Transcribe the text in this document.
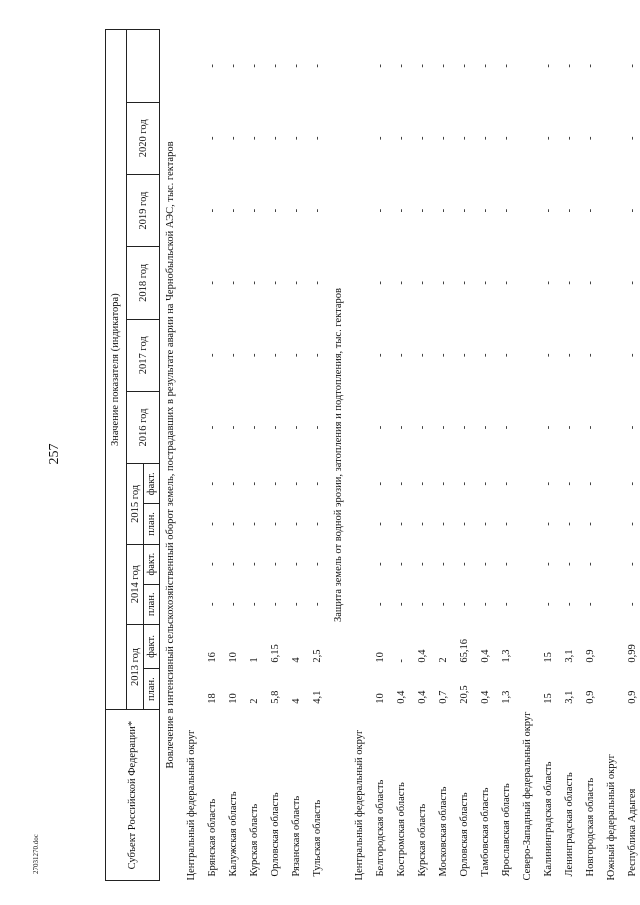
257
27031270.doc	Субъект Российской Федерации*	Значение показателя (индикатора)											
	2013 год		2014 год		2015 год		2016 год	2017 год	2018 год	2019 год	2020 год	
	план.	факт.	план.	факт.	план.	факт.						
Вовлечение в интенсивный сельскохозяйственный оборот земель, пострадавших в результате аварии на Чернобыльской АЭС, тыс. гектаров												
Центральный федеральный округ												
Брянская область	18	16	-	-	-	-	-	-	-	-	-	-
Калужская область	10	10	-	-	-	-	-	-	-	-	-	-
Курская область	2	1	-	-	-	-	-	-	-	-	-	-
Орловская область	5,8	6,15	-	-	-	-	-	-	-	-	-	-
Рязанская область	4	4	-	-	-	-	-	-	-	-	-	-
Тульская область	4,1	2,5	-	-	-	-	-	-	-	-	-	-
Защита земель от водной эрозии, затопления и подтопления, тыс. гектаров												
Центральный федеральный округ												
Белгородская область	10	10	-	-	-	-	-	-	-	-	-	-
Костромская область	0,4	-	-	-	-	-	-	-	-	-	-	-
Курская область	0,4	0,4	-	-	-	-	-	-	-	-	-	-
Московская область	0,7	2	-	-	-	-	-	-	-	-	-	-
Орловская область	20,5	65,16	-	-	-	-	-	-	-	-	-	-
Тамбовская область	0,4	0,4	-	-	-	-	-	-	-	-	-	-
Ярославская область	1,3	1,3	-	-	-	-	-	-	-	-	-	-
Северо-Западный федеральный округ												
Калининградская область	15	15	-	-	-	-	-	-	-	-	-	-
Ленинградская область	3,1	3,1	-	-	-	-	-	-	-	-	-	-
Новгородская область	0,9	0,9	-	-	-	-	-	-	-	-	-	-
Южный федеральный округ												
Республика Адыгея	0,9	0,99	-	-	-	-	-	-	-	-	-	-
